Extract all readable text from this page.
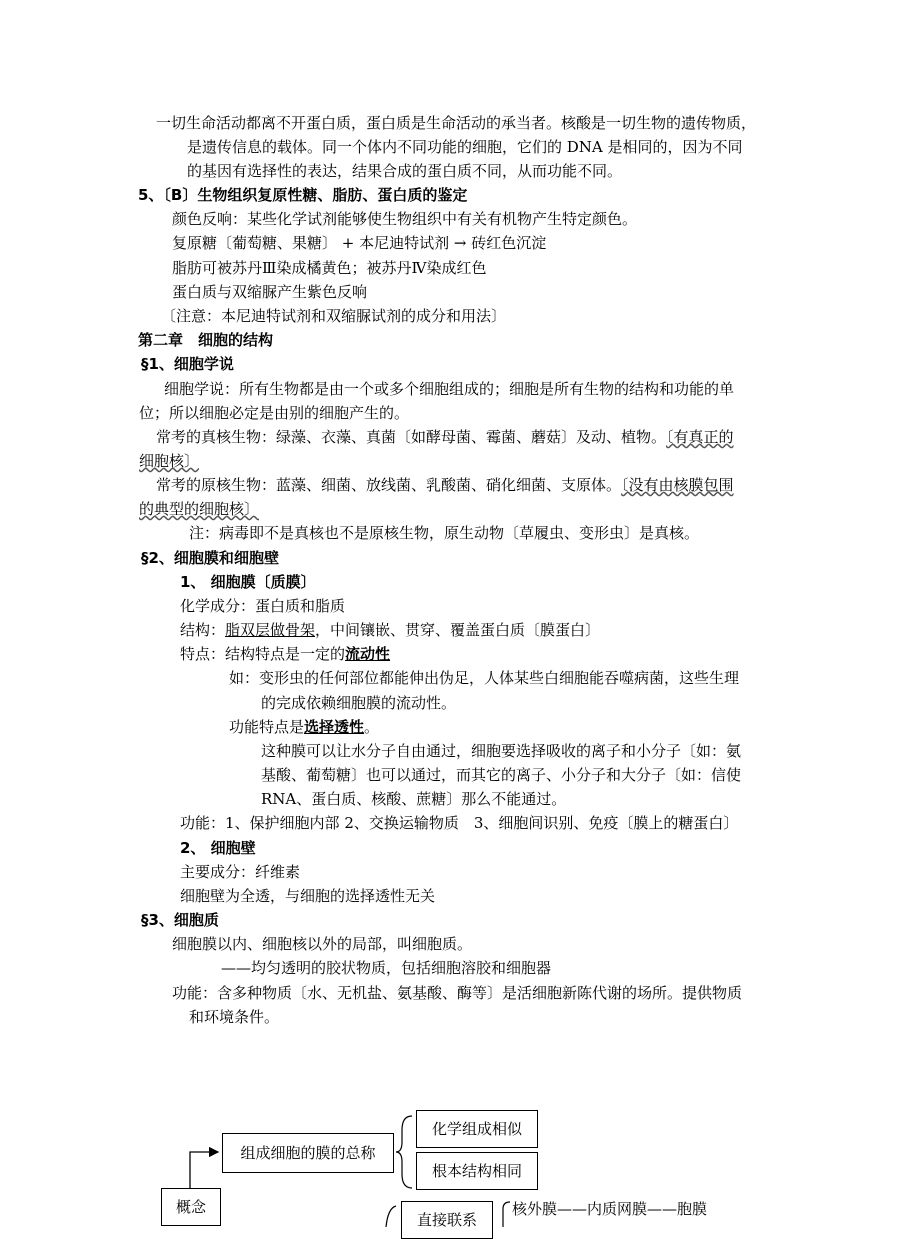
一切生命活动都离不开蛋白质，蛋白质是生命活动的承当者。核酸是一切生物的遗传物质，
是遗传信息的载体。同一个体内不同功能的细胞，它们的 DNA 是相同的，因为不同
的基因有选择性的表达，结果合成的蛋白质不同，从而功能不同。
5、〔B〕生物组织复原性糖、脂肪、蛋白质的鉴定
颜色反响：某些化学试剂能够使生物组织中有关有机物产生特定颜色。
复原糖〔葡萄糖、果糖〕 + 本尼迪特试剂 → 砖红色沉淀
脂肪可被苏丹Ⅲ染成橘黄色；被苏丹Ⅳ染成红色
蛋白质与双缩脲产生紫色反响
〔注意：本尼迪特试剂和双缩脲试剂的成分和用法〕
第二章　细胞的结构
§1、细胞学说
细胞学说：所有生物都是由一个或多个细胞组成的；细胞是所有生物的结构和功能的单
位；所以细胞必定是由别的细胞产生的。
常考的真核生物：绿藻、衣藻、真菌〔如酵母菌、霉菌、蘑菇〕及动、植物。〔有真正的
细胞核〕
常考的原核生物：蓝藻、细菌、放线菌、乳酸菌、硝化细菌、支原体。〔没有由核膜包围
的典型的细胞核〕
注：病毒即不是真核也不是原核生物，原生动物〔草履虫、变形虫〕是真核。
§2、细胞膜和细胞壁
1、 细胞膜〔质膜〕
化学成分：蛋白质和脂质
结构：脂双层做骨架，中间镶嵌、贯穿、覆盖蛋白质〔膜蛋白〕
特点：结构特点是一定的流动性
如：变形虫的任何部位都能伸出伪足，人体某些白细胞能吞噬病菌，这些生理
的完成依赖细胞膜的流动性。
功能特点是选择透性。
这种膜可以让水分子自由通过，细胞要选择吸收的离子和小分子〔如：氨
基酸、葡萄糖〕也可以通过，而其它的离子、小分子和大分子〔如：信使
RNA、蛋白质、核酸、蔗糖〕那么不能通过。
功能：1、保护细胞内部 2、交换运输物质　3、细胞间识别、免疫〔膜上的糖蛋白〕
2、 细胞壁
主要成分：纤维素
细胞壁为全透，与细胞的选择透性无关
§3、细胞质
细胞膜以内、细胞核以外的局部，叫细胞质。
——均匀透明的胶状物质，包括细胞溶胶和细胞器
功能：含多种物质〔水、无机盐、氨基酸、酶等〕是活细胞新陈代谢的场所。提供物质
和环境条件。
概念
组成细胞的膜的总称
化学组成相似
根本结构相同
直接联系
核外膜——内质网膜——胞膜
